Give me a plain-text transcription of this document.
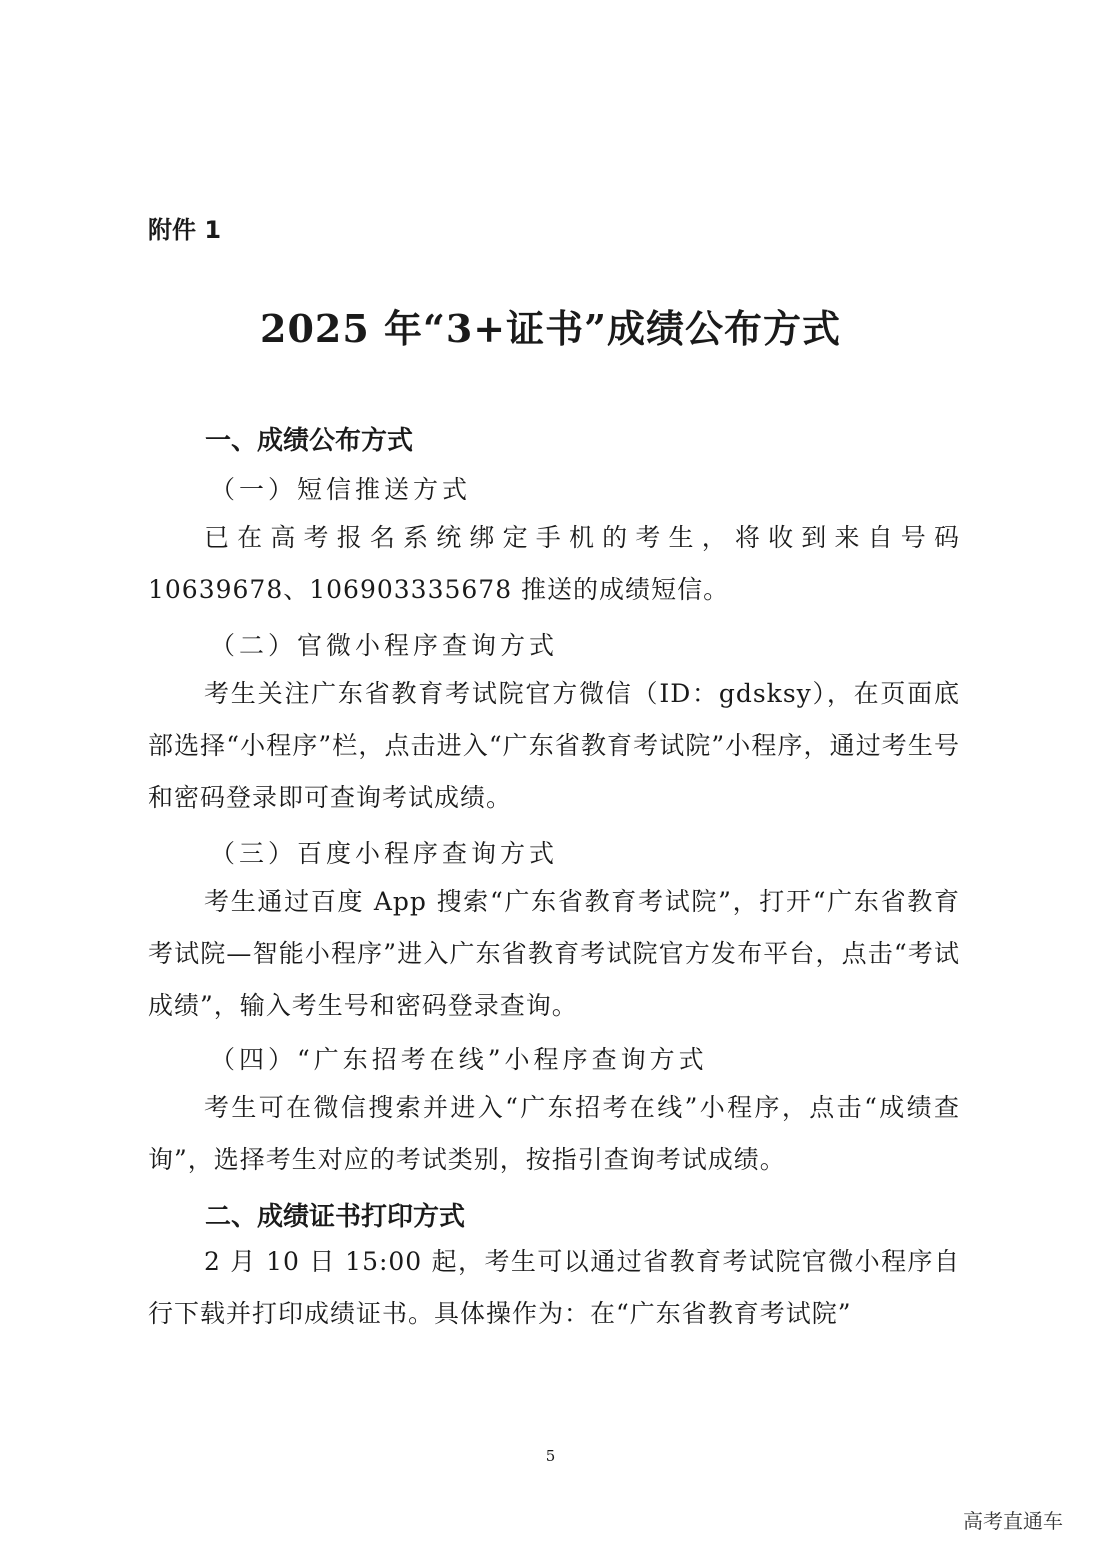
附件 1
2025 年“3+证书”成绩公布方式
一、成绩公布方式
（一）短信推送方式
已在高考报名系统绑定手机的考生，将收到来自号码10639678、106903335678 推送的成绩短信。
（二）官微小程序查询方式
考生关注广东省教育考试院官方微信（ID：gdsksy），在页面底部选择“小程序”栏，点击进入“广东省教育考试院”小程序，通过考生号和密码登录即可查询考试成绩。
（三）百度小程序查询方式
考生通过百度 App 搜索“广东省教育考试院”，打开“广东省教育考试院—智能小程序”进入广东省教育考试院官方发布平台，点击“考试成绩”，输入考生号和密码登录查询。
（四）“广东招考在线”小程序查询方式
考生可在微信搜索并进入“广东招考在线”小程序，点击“成绩查询”，选择考生对应的考试类别，按指引查询考试成绩。
二、成绩证书打印方式
2 月 10 日 15:00 起，考生可以通过省教育考试院官微小程序自行下载并打印成绩证书。具体操作为：在“广东省教育考试院”
5
高考直通车
